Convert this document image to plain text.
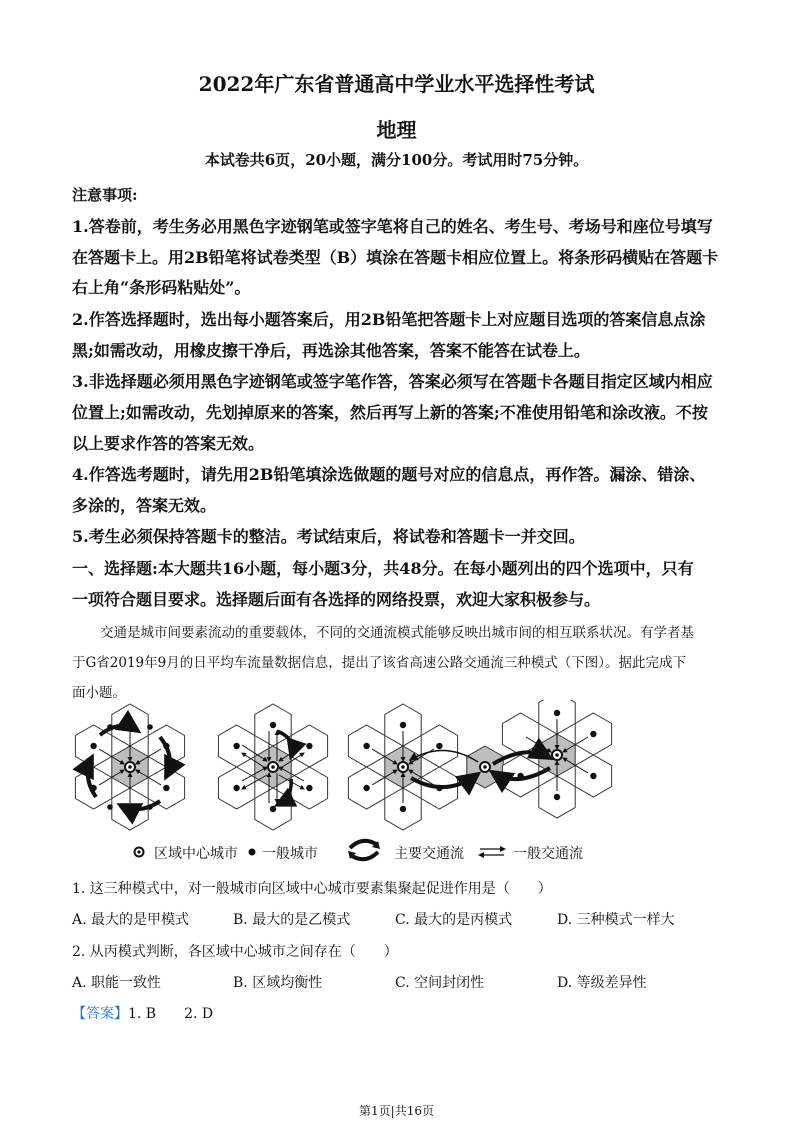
2022年广东省普通高中学业水平选择性考试
地理
本试卷共6页，20小题，满分100分。考试用时75分钟。
注意事项:
1.答卷前，考生务必用黑色字迹钢笔或签字笔将自己的姓名、考生号、考场号和座位号填写
在答题卡上。用2B铅笔将试卷类型（B）填涂在答题卡相应位置上。将条形码横贴在答题卡
右上角“条形码粘贴处”。
2.作答选择题时，选出每小题答案后，用2B铅笔把答题卡上对应题目选项的答案信息点涂
黑;如需改动，用橡皮擦干净后，再选涂其他答案，答案不能答在试卷上。
3.非选择题必须用黑色字迹钢笔或签字笔作答，答案必须写在答题卡各题目指定区域内相应
位置上;如需改动，先划掉原来的答案，然后再写上新的答案;不准使用铅笔和涂改液。不按
以上要求作答的答案无效。
4.作答选考题时，请先用2B铅笔填涂选做题的题号对应的信息点，再作答。漏涂、错涂、
多涂的，答案无效。
5.考生必须保持答题卡的整洁。考试结束后，将试卷和答题卡一并交回。
一、选择题:本大题共16小题，每小题3分，共48分。在每小题列出的四个选项中，只有
一项符合题目要求。选择题后面有各选择的网络投票，欢迎大家积极参与。
交通是城市间要素流动的重要载体，不同的交通流模式能够反映出城市间的相互联系状况。有学者基
于G省2019年9月的日平均车流量数据信息，提出了该省高速公路交通流三种模式（下图）。据此完成下
面小题。
区域中心城市 一般城市	主要交通流	一般交通流
1. 这三种模式中，对一般城市向区域中心城市要素集聚起促进作用是（　　）
A. 最大的是甲模式	B. 最大的是乙模式	C. 最大的是丙模式	D. 三种模式一样大
2. 从丙模式判断，各区域中心城市之间存在（　　）
A. 职能一致性	B. 区域均衡性	C. 空间封闭性	D. 等级差异性
【答案】1. B　　2. D
第1页|共16页
